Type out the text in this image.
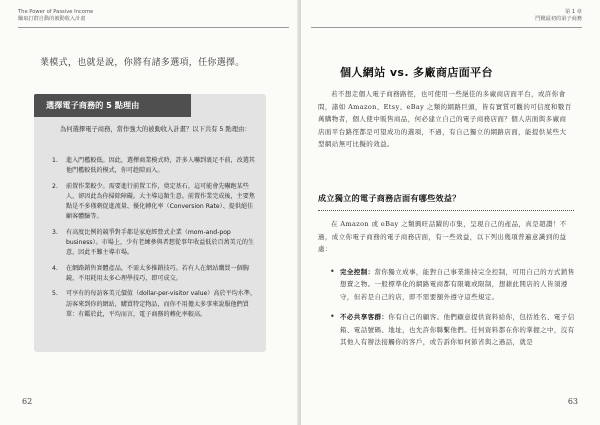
The Power of Passive Income
賺取打群自動的被動收入計畫
業模式，也就是說，你將有諸多選項，任你選擇。
選擇電子商務的 5 點理由
為何選擇電子商務，當作強大的被動收入計畫？以下共有 5 點理由：
1. 進入門檻較低。因此，選擇商業模式時，許多人嚇到裹足不前，改選其他門檻較低的模式，你可趁隙而入。
2. 前置作業較少。需要進行前置工作，奠定基石，這可能會先嚇跑某些人，卻因此為你掃除障礙。大主導這類生意。前置作業完成後，主要焦點是不多僅剩促進流量、優化轉化率（Conversion Rate）、提供絕佳顧客體驗等。
3. 有高度比例的競爭對手都是家庭經營式企業（mom-and-pop business）。市場上，少有老練參與者想從事年收益低於百萬美元的生意，因此不難主導市場。
4. 在網路銷售實體產品，不需太多推銷技巧。若有人在網站購買一個胸鏡，不用耗用太多心理學技巧，即可成交。
5. 可享有的每訪客美元價值（dollar-per-visitor value）高於平均水準，訪客來到你的網站，購買特定物品，而你不用擔太多事來說服他們買單：有鑑於此，平均而言，電子商務的轉化率較高。
62
第 1 章
鬥靴最初的第子商務
63
個人網站 vs. 多廠商店面平台

若不想走個人電子商務路徑，也可使用一些絕佳的多廠商店面平台，或許你會問，諸如 Amazon、Etsy、eBay 之類的網路巨頭，皆有實質可觀的可信度和數百萬購物者，個人使中販售商品，何必建立自己的電子商務店面？個人店面與多廠商店面平台路徑都是可望成功的選項，不過，有自己獨立的網路店面，能提供某些大型網站無可比擬的效益。

成立獨立的電子商務店面有哪些效益？

在 Amazon 或 eBay 之類興旺話躍的市集，呈現自己的產品，真是超讚！不過，成立你電子商務的電子商務店面，有一些效益，以下列出幾項普遍意識到的益處：

• 完全控制：當你獨立成事，能對自己事業維持完全控制，可用自己的方式銷售想賣之物。一般標準化的網路電商都有限範或限制，想藉此開店的人皆須遵守，但若是自己的店，即不需要額外遵守這些規定。
• 不必共享客群：你有自己的顧客。他們顧意提供資料給你，包括姓名、電子信箱、電話號碼、地址，也允許你聯繫他們。任何資料都在你的掌握之中，沒有其他人有辦法接觸你的客戶，或告訴你如何節省與之過話，就是
